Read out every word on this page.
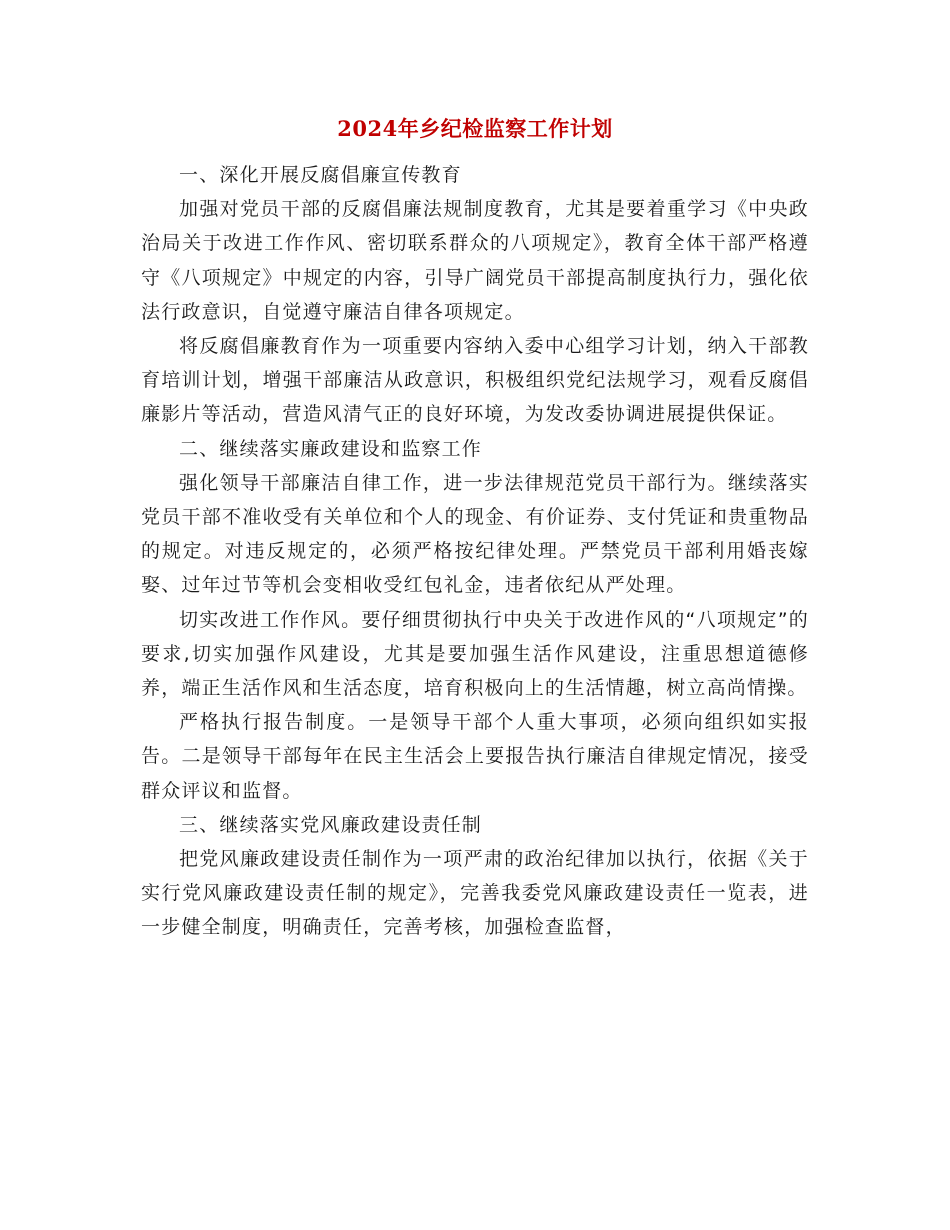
2024年乡纪检监察工作计划

一、深化开展反腐倡廉宣传教育

加强对党员干部的反腐倡廉法规制度教育，尤其是要着重学习《中央政治局关于改进工作作风、密切联系群众的八项规定》，教育全体干部严格遵守《八项规定》中规定的内容，引导广阔党员干部提高制度执行力，强化依法行政意识，自觉遵守廉洁自律各项规定。

将反腐倡廉教育作为一项重要内容纳入委中心组学习计划，纳入干部教育培训计划，增强干部廉洁从政意识，积极组织党纪法规学习，观看反腐倡廉影片等活动，营造风清气正的良好环境，为发改委协调进展提供保证。

二、继续落实廉政建设和监察工作

强化领导干部廉洁自律工作，进一步法律规范党员干部行为。继续落实党员干部不准收受有关单位和个人的现金、有价证券、支付凭证和贵重物品的规定。对违反规定的，必须严格按纪律处理。严禁党员干部利用婚丧嫁娶、过年过节等机会变相收受红包礼金，违者依纪从严处理。

切实改进工作作风。要仔细贯彻执行中央关于改进作风的“八项规定”的要求,切实加强作风建设，尤其是要加强生活作风建设，注重思想道德修养，端正生活作风和生活态度，培育积极向上的生活情趣，树立高尚情操。

严格执行报告制度。一是领导干部个人重大事项，必须向组织如实报告。二是领导干部每年在民主生活会上要报告执行廉洁自律规定情况，接受群众评议和监督。

三、继续落实党风廉政建设责任制

把党风廉政建设责任制作为一项严肃的政治纪律加以执行，依据《关于实行党风廉政建设责任制的规定》，完善我委党风廉政建设责任一览表，进一步健全制度，明确责任，完善考核，加强检查监督，
